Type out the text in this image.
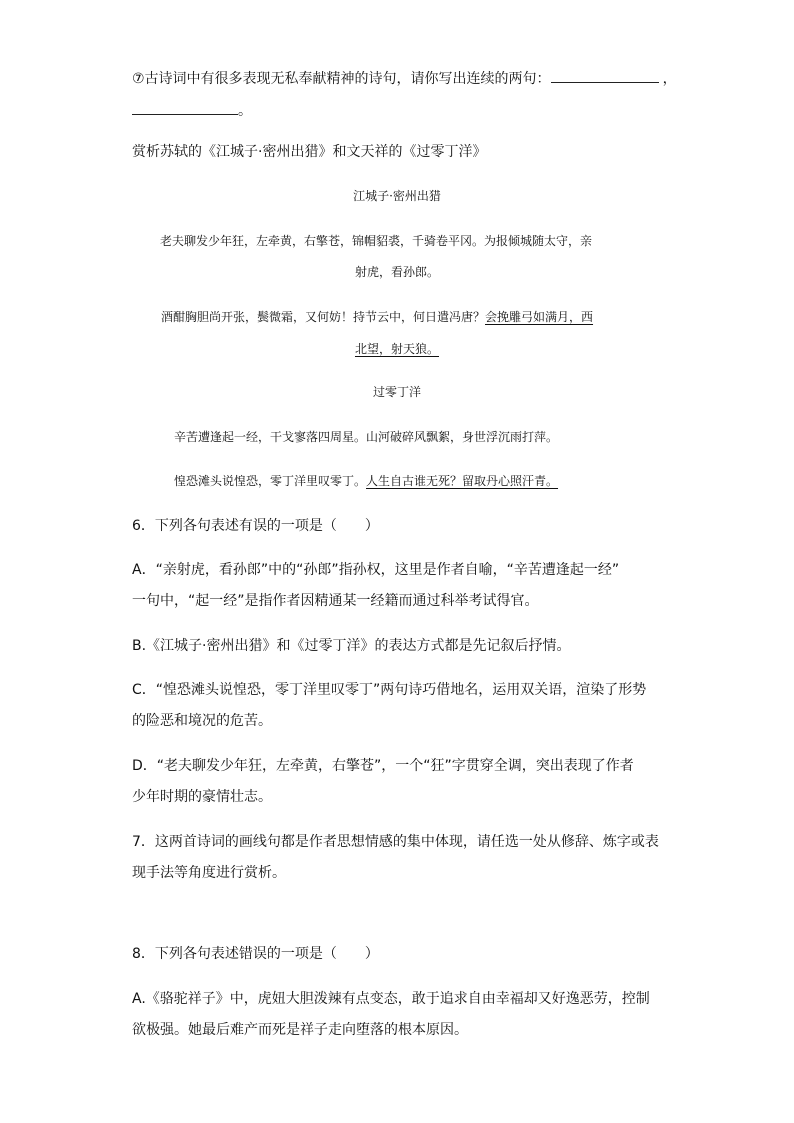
⑦古诗词中有很多表现无私奉献精神的诗句，请你写出连续的两句：	，
。
赏析苏轼的《江城子·密州出猎》和文天祥的《过零丁洋》
江城子·密州出猎
老夫聊发少年狂，左牵黄，右擎苍，锦帽貂裘，千骑卷平冈。为报倾城随太守，亲
射虎，看孙郎。
酒酣胸胆尚开张，鬓微霜，又何妨！持节云中，何日遣冯唐？会挽雕弓如满月，西
北望，射天狼。
过零丁洋
辛苦遭逢起一经，干戈寥落四周星。山河破碎风飘絮，身世浮沉雨打萍。
惶恐滩头说惶恐，零丁洋里叹零丁。人生自古谁无死？留取丹心照汗青。
6．下列各句表述有误的一项是（　　）
A．“亲射虎，看孙郎”中的“孙郎”指孙权，这里是作者自喻，“辛苦遭逢起一经”
一句中，“起一经”是指作者因精通某一经籍而通过科举考试得官。
B.《江城子·密州出猎》和《过零丁洋》的表达方式都是先记叙后抒情。
C．“惶恐滩头说惶恐，零丁洋里叹零丁”两句诗巧借地名，运用双关语，渲染了形势
的险恶和境况的危苦。
D．“老夫聊发少年狂，左牵黄，右擎苍”，一个“狂”字贯穿全调，突出表现了作者
少年时期的豪情壮志。
7．这两首诗词的画线句都是作者思想情感的集中体现，请任选一处从修辞、炼字或表
现手法等角度进行赏析。
8．下列各句表述错误的一项是（　　）
A.《骆驼祥子》中，虎妞大胆泼辣有点变态，敢于追求自由幸福却又好逸恶劳，控制
欲极强。她最后难产而死是祥子走向堕落的根本原因。
